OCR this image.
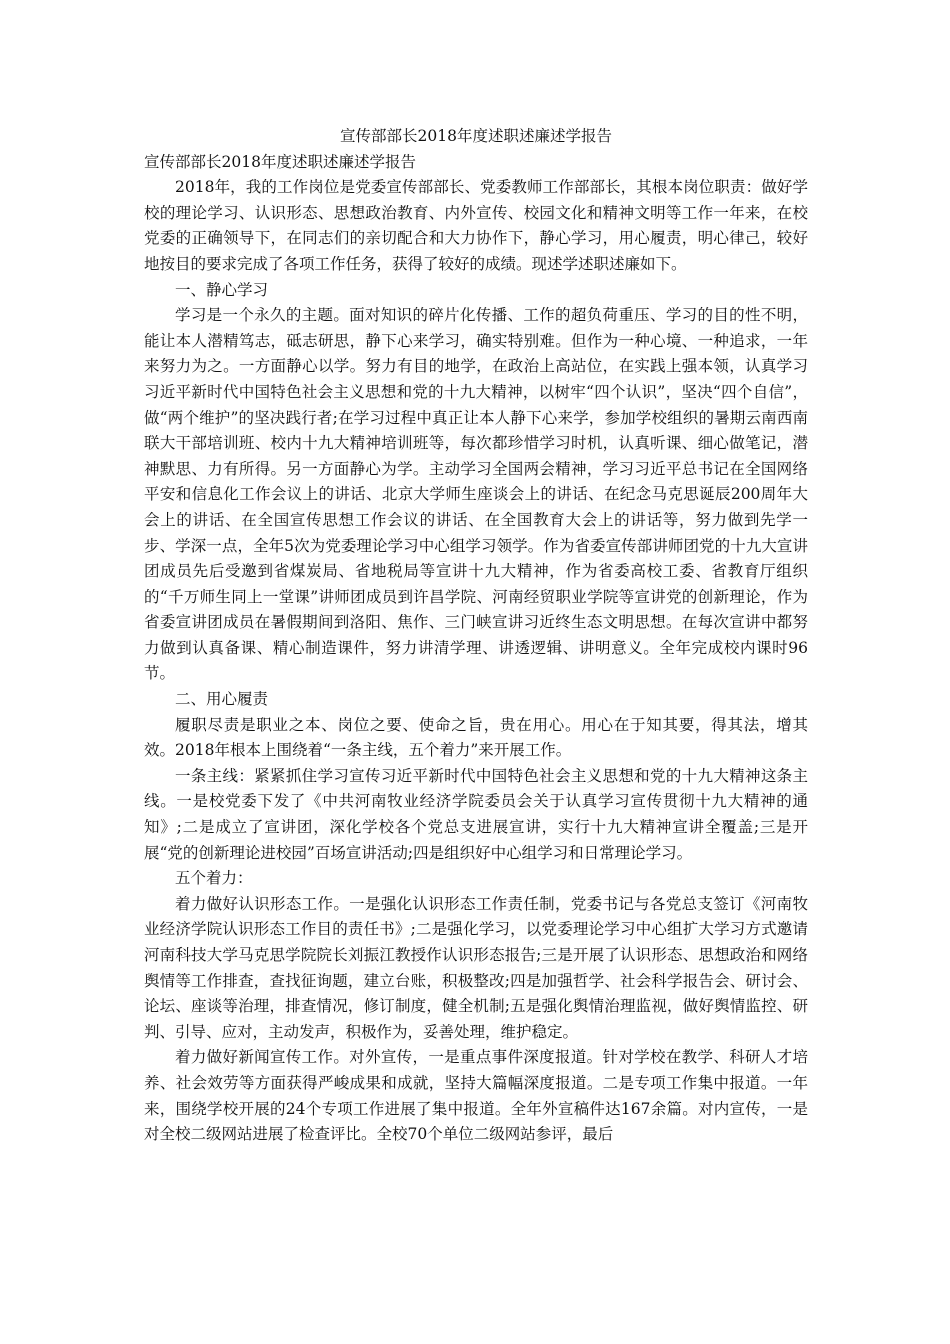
宣传部部长2018年度述职述廉述学报告

宣传部部长2018年度述职述廉述学报告

2018年，我的工作岗位是党委宣传部部长、党委教师工作部部长，其根本岗位职责：做好学校的理论学习、认识形态、思想政治教育、内外宣传、校园文化和精神文明等工作一年来，在校党委的正确领导下，在同志们的亲切配合和大力协作下，静心学习，用心履责，明心律己，较好地按目的要求完成了各项工作任务，获得了较好的成绩。现述学述职述廉如下。

一、静心学习

学习是一个永久的主题。面对知识的碎片化传播、工作的超负荷重压、学习的目的性不明，能让本人潜精笃志，砥志研思，静下心来学习，确实特别难。但作为一种心境、一种追求，一年来努力为之。一方面静心以学。努力有目的地学，在政治上高站位，在实践上强本领，认真学习习近平新时代中国特色社会主义思想和党的十九大精神，以树牢“四个认识”，坚决“四个自信”，做“两个维护”的坚决践行者;在学习过程中真正让本人静下心来学，参加学校组织的暑期云南西南联大干部培训班、校内十九大精神培训班等，每次都珍惜学习时机，认真听课、细心做笔记，潜神默思、力有所得。另一方面静心为学。主动学习全国两会精神，学习习近平总书记在全国网络平安和信息化工作会议上的讲话、北京大学师生座谈会上的讲话、在纪念马克思诞辰200周年大会上的讲话、在全国宣传思想工作会议的讲话、在全国教育大会上的讲话等，努力做到先学一步、学深一点，全年5次为党委理论学习中心组学习领学。作为省委宣传部讲师团党的十九大宣讲团成员先后受邀到省煤炭局、省地税局等宣讲十九大精神，作为省委高校工委、省教育厅组织的“千万师生同上一堂课”讲师团成员到许昌学院、河南经贸职业学院等宣讲党的创新理论，作为省委宣讲团成员在暑假期间到洛阳、焦作、三门峡宣讲习近终生态文明思想。在每次宣讲中都努力做到认真备课、精心制造课件，努力讲清学理、讲透逻辑、讲明意义。全年完成校内课时96节。

二、用心履责

履职尽责是职业之本、岗位之要、使命之旨，贵在用心。用心在于知其要，得其法，增其效。2018年根本上围绕着“一条主线，五个着力”来开展工作。

一条主线：紧紧抓住学习宣传习近平新时代中国特色社会主义思想和党的十九大精神这条主线。一是校党委下发了《中共河南牧业经济学院委员会关于认真学习宣传贯彻十九大精神的通知》;二是成立了宣讲团，深化学校各个党总支进展宣讲，实行十九大精神宣讲全覆盖;三是开展“党的创新理论进校园”百场宣讲活动;四是组织好中心组学习和日常理论学习。

五个着力：

着力做好认识形态工作。一是强化认识形态工作责任制，党委书记与各党总支签订《河南牧业经济学院认识形态工作目的责任书》;二是强化学习，以党委理论学习中心组扩大学习方式邀请河南科技大学马克思学院院长刘振江教授作认识形态报告;三是开展了认识形态、思想政治和网络舆情等工作排查，查找征询题，建立台账，积极整改;四是加强哲学、社会科学报告会、研讨会、论坛、座谈等治理，排查情况，修订制度，健全机制;五是强化舆情治理监视，做好舆情监控、研判、引导、应对，主动发声，积极作为，妥善处理，维护稳定。

着力做好新闻宣传工作。对外宣传，一是重点事件深度报道。针对学校在教学、科研人才培养、社会效劳等方面获得严峻成果和成就，坚持大篇幅深度报道。二是专项工作集中报道。一年来，围绕学校开展的24个专项工作进展了集中报道。全年外宣稿件达167余篇。对内宣传，一是对全校二级网站进展了检查评比。全校70个单位二级网站参评，最后
